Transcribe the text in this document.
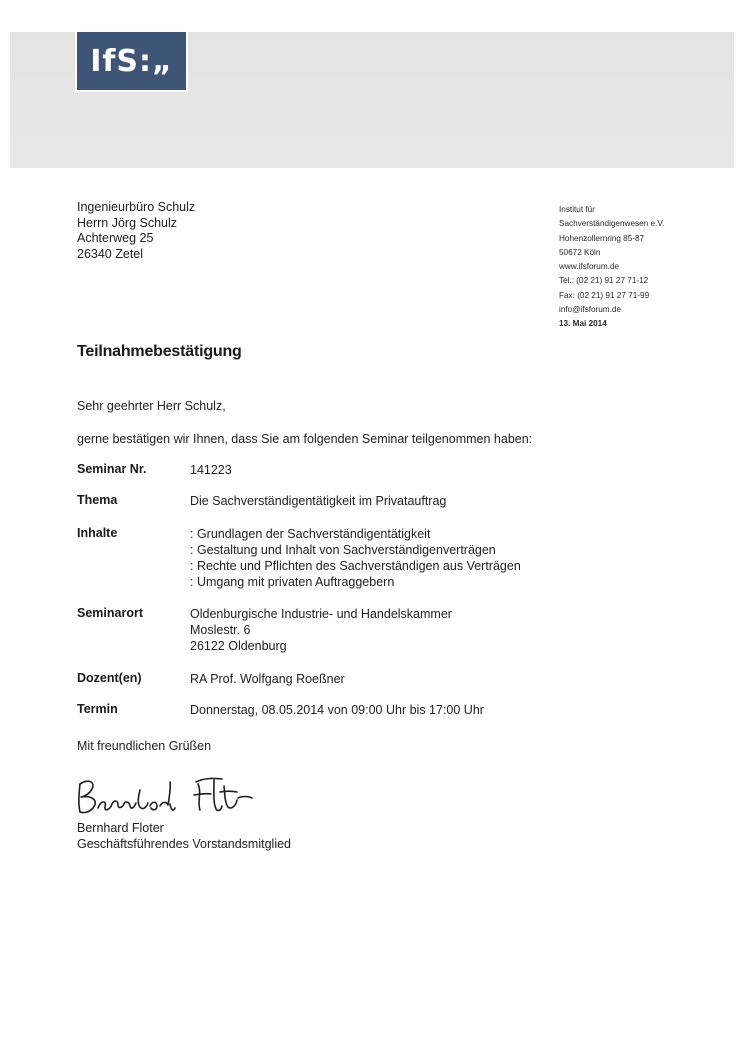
IfS:„
Ingenieurbüro Schulz
Herrn Jörg Schulz
Achterweg 25
26340 Zetel
Institut für
Sachverständigenwesen e.V.
Hohenzollernring 85-87
50672 Köln
www.ifsforum.de
Tel.: (02 21) 91 27 71-12
Fax: (02 21) 91 27 71-99
info@ifsforum.de
13. Mai 2014
Teilnahmebestätigung
Sehr geehrter Herr Schulz,
gerne bestätigen wir Ihnen, dass Sie am folgenden Seminar teilgenommen haben:
Seminar Nr.	141223
Thema	Die Sachverständigentätigkeit im Privatauftrag
Inhalte	: Grundlagen der Sachverständigentätigkeit
: Gestaltung und Inhalt von Sachverständigenverträgen
: Rechte und Pflichten des Sachverständigen aus Verträgen
: Umgang mit privaten Auftraggebern
Seminarort	Oldenburgische Industrie- und Handelskammer
Moslestr. 6
26122 Oldenburg
Dozent(en)	RA Prof. Wolfgang Roeßner
Termin	Donnerstag, 08.05.2014 von 09:00 Uhr bis 17:00 Uhr
Mit freundlichen Grüßen
Bernhard Floter
Geschäftsführendes Vorstandsmitglied
